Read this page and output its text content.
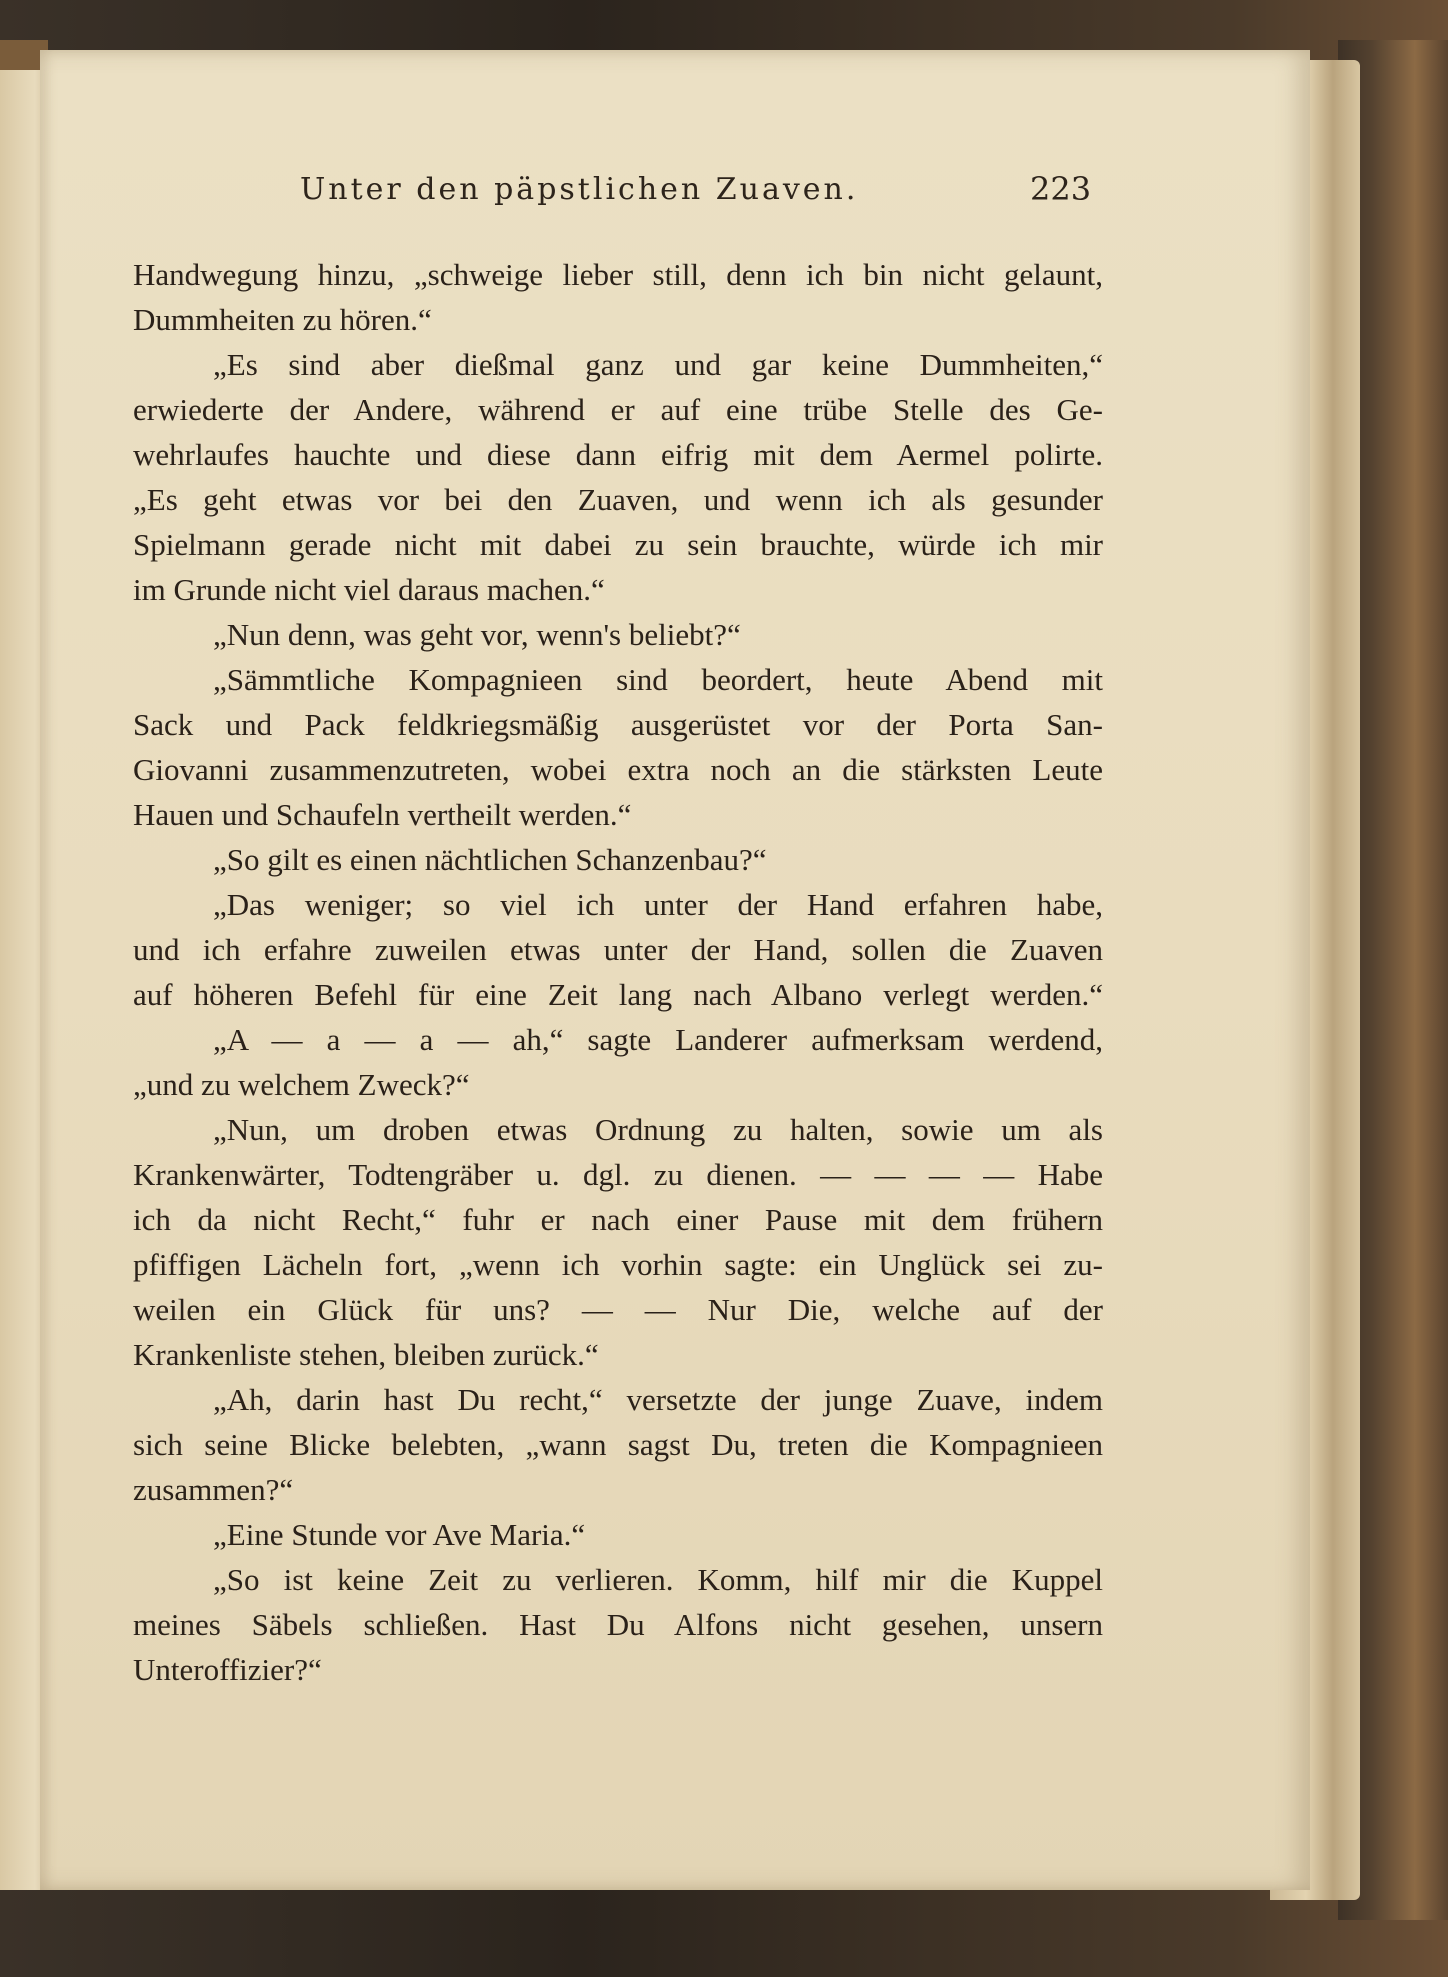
Unter den päpstlichen Zuaven.	223
Handwegung hinzu, „schweige lieber still, denn ich bin nicht gelaunt,
Dummheiten zu hören.“
„Es sind aber dießmal ganz und gar keine Dummheiten,“
erwiederte der Andere, während er auf eine trübe Stelle des Ge-
wehrlaufes hauchte und diese dann eifrig mit dem Aermel polirte.
„Es geht etwas vor bei den Zuaven, und wenn ich als gesunder
Spielmann gerade nicht mit dabei zu sein brauchte, würde ich mir
im Grunde nicht viel daraus machen.“
„Nun denn, was geht vor, wenn's beliebt?“
„Sämmtliche Kompagnieen sind beordert, heute Abend mit
Sack und Pack feldkriegsmäßig ausgerüstet vor der Porta San-
Giovanni zusammenzutreten, wobei extra noch an die stärksten Leute
Hauen und Schaufeln vertheilt werden.“
„So gilt es einen nächtlichen Schanzenbau?“
„Das weniger; so viel ich unter der Hand erfahren habe,
und ich erfahre zuweilen etwas unter der Hand, sollen die Zuaven
auf höheren Befehl für eine Zeit lang nach Albano verlegt werden.“
„A — a — a — ah,“ sagte Landerer aufmerksam werdend,
„und zu welchem Zweck?“
„Nun, um droben etwas Ordnung zu halten, sowie um als
Krankenwärter, Todtengräber u. dgl. zu dienen. — — — — Habe
ich da nicht Recht,“ fuhr er nach einer Pause mit dem frühern
pfiffigen Lächeln fort, „wenn ich vorhin sagte: ein Unglück sei zu-
weilen ein Glück für uns? — — Nur Die, welche auf der
Krankenliste stehen, bleiben zurück.“
„Ah, darin hast Du recht,“ versetzte der junge Zuave, indem
sich seine Blicke belebten, „wann sagst Du, treten die Kompagnieen
zusammen?“
„Eine Stunde vor Ave Maria.“
„So ist keine Zeit zu verlieren. Komm, hilf mir die Kuppel
meines Säbels schließen. Hast Du Alfons nicht gesehen, unsern
Unteroffizier?“
